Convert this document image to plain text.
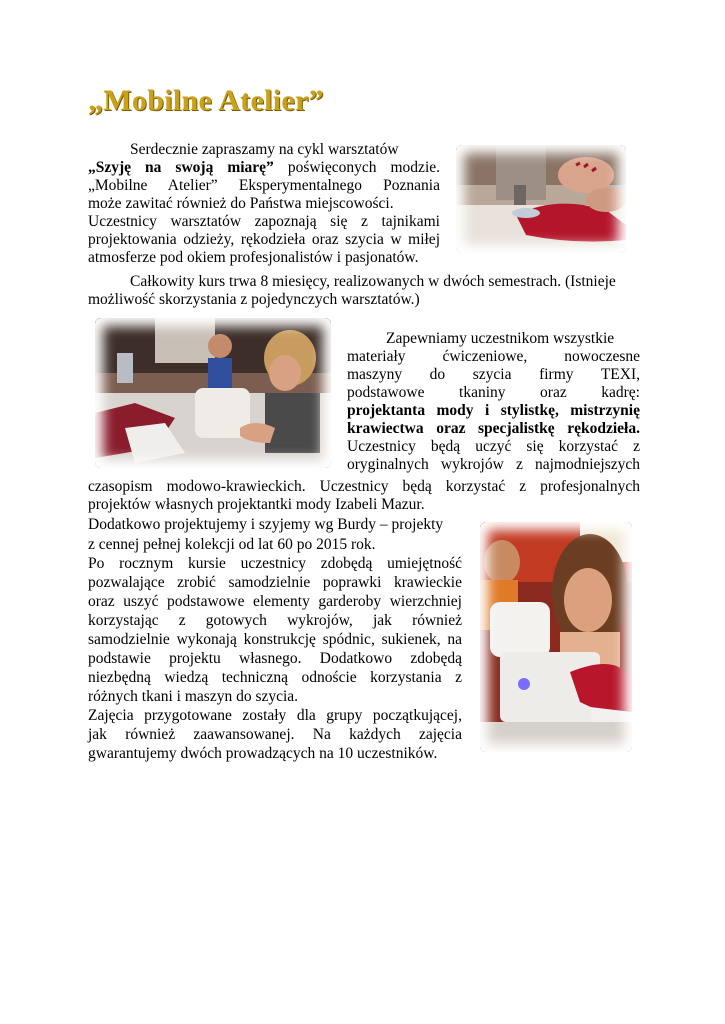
„Mobilne Atelier”

Serdecznie zapraszamy na cykl warsztatów

„Szyję na swoją miarę” poświęconych modzie.

„Mobilne Atelier” Eksperymentalnego Poznania

może zawitać również do Państwa miejscowości.

Uczestnicy warsztatów zapoznają się z tajnikami

projektowania odzieży, rękodzieła oraz szycia w miłej

atmosferze pod okiem profesjonalistów i pasjonatów.

Całkowity kurs trwa 8 miesięcy, realizowanych w dwóch semestrach. (Istnieje

możliwość skorzystania z pojedynczych warsztatów.)

Zapewniamy uczestnikom wszystkie

materiały ćwiczeniowe, nowoczesne

maszyny do szycia firmy TEXI,

podstawowe tkaniny oraz kadrę:

projektanta mody i stylistkę, mistrzynię

krawiectwa oraz specjalistkę rękodzieła.

Uczestnicy będą uczyć się korzystać z

oryginalnych wykrojów z najmodniejszych

czasopism modowo-krawieckich. Uczestnicy będą korzystać z profesjonalnych

projektów własnych projektantki mody Izabeli Mazur.

Dodatkowo projektujemy i szyjemy wg Burdy – projekty

z cennej pełnej kolekcji od lat 60 po 2015 rok.

Po rocznym kursie uczestnicy zdobędą umiejętność

pozwalające zrobić samodzielnie poprawki krawieckie

oraz uszyć podstawowe elementy garderoby wierzchniej

korzystając z gotowych wykrojów, jak również

samodzielnie wykonają konstrukcję spódnic, sukienek, na

podstawie projektu własnego. Dodatkowo zdobędą

niezbędną wiedzą techniczną odnoście korzystania z

różnych tkani i maszyn do szycia.

Zajęcia przygotowane zostały dla grupy początkującej,

jak również zaawansowanej. Na każdych zajęcia

gwarantujemy dwóch prowadzących na 10 uczestników.
